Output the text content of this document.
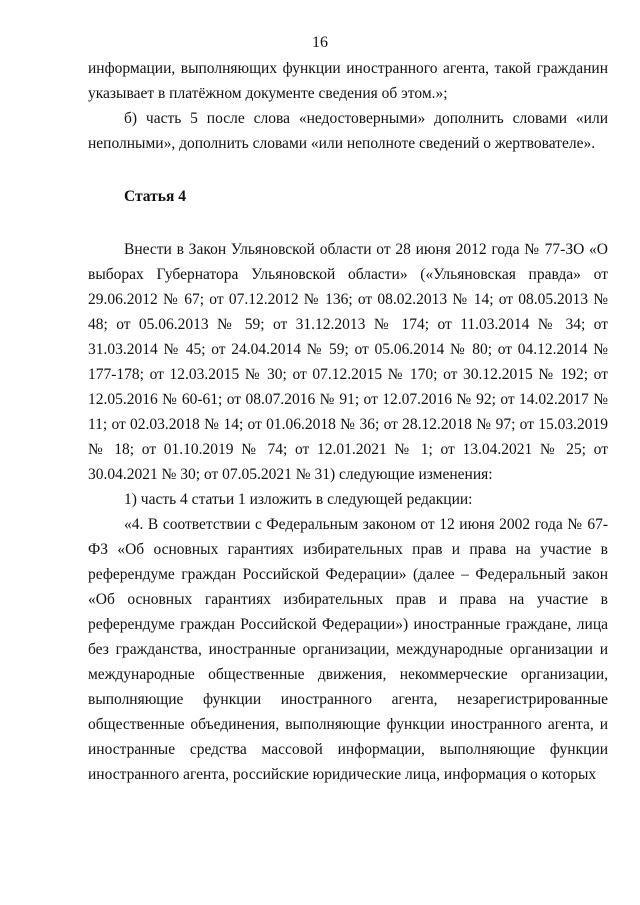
16

информации, выполняющих функции иностранного агента, такой гражданин указывает в платёжном документе сведения об этом.»;

б) часть 5 после слова «недостоверными» дополнить словами «или неполными», дополнить словами «или неполноте сведений о жертвователе».

Статья 4

Внести в Закон Ульяновской области от 28 июня 2012 года № 77-ЗО «О выборах Губернатора Ульяновской области» («Ульяновская правда» от 29.06.2012 № 67; от 07.12.2012 № 136; от 08.02.2013 № 14; от 08.05.2013 № 48; от 05.06.2013 № 59; от 31.12.2013 № 174; от 11.03.2014 № 34; от 31.03.2014 № 45; от 24.04.2014 № 59; от 05.06.2014 № 80; от 04.12.2014 № 177-178; от 12.03.2015 № 30; от 07.12.2015 № 170; от 30.12.2015 № 192; от 12.05.2016 № 60-61; от 08.07.2016 № 91; от 12.07.2016 № 92; от 14.02.2017 № 11; от 02.03.2018 № 14; от 01.06.2018 № 36; от 28.12.2018 № 97; от 15.03.2019 № 18; от 01.10.2019 № 74; от 12.01.2021 № 1; от 13.04.2021 № 25; от 30.04.2021 № 30; от 07.05.2021 № 31) следующие изменения:

1) часть 4 статьи 1 изложить в следующей редакции:

«4. В соответствии с Федеральным законом от 12 июня 2002 года № 67-ФЗ «Об основных гарантиях избирательных прав и права на участие в референдуме граждан Российской Федерации» (далее – Федеральный закон «Об основных гарантиях избирательных прав и права на участие в референдуме граждан Российской Федерации») иностранные граждане, лица без гражданства, иностранные организации, международные организации и международные общественные движения, некоммерческие организации, выполняющие функции иностранного агента, незарегистрированные общественные объединения, выполняющие функции иностранного агента, и иностранные средства массовой информации, выполняющие функции иностранного агента, российские юридические лица, информация о которых
